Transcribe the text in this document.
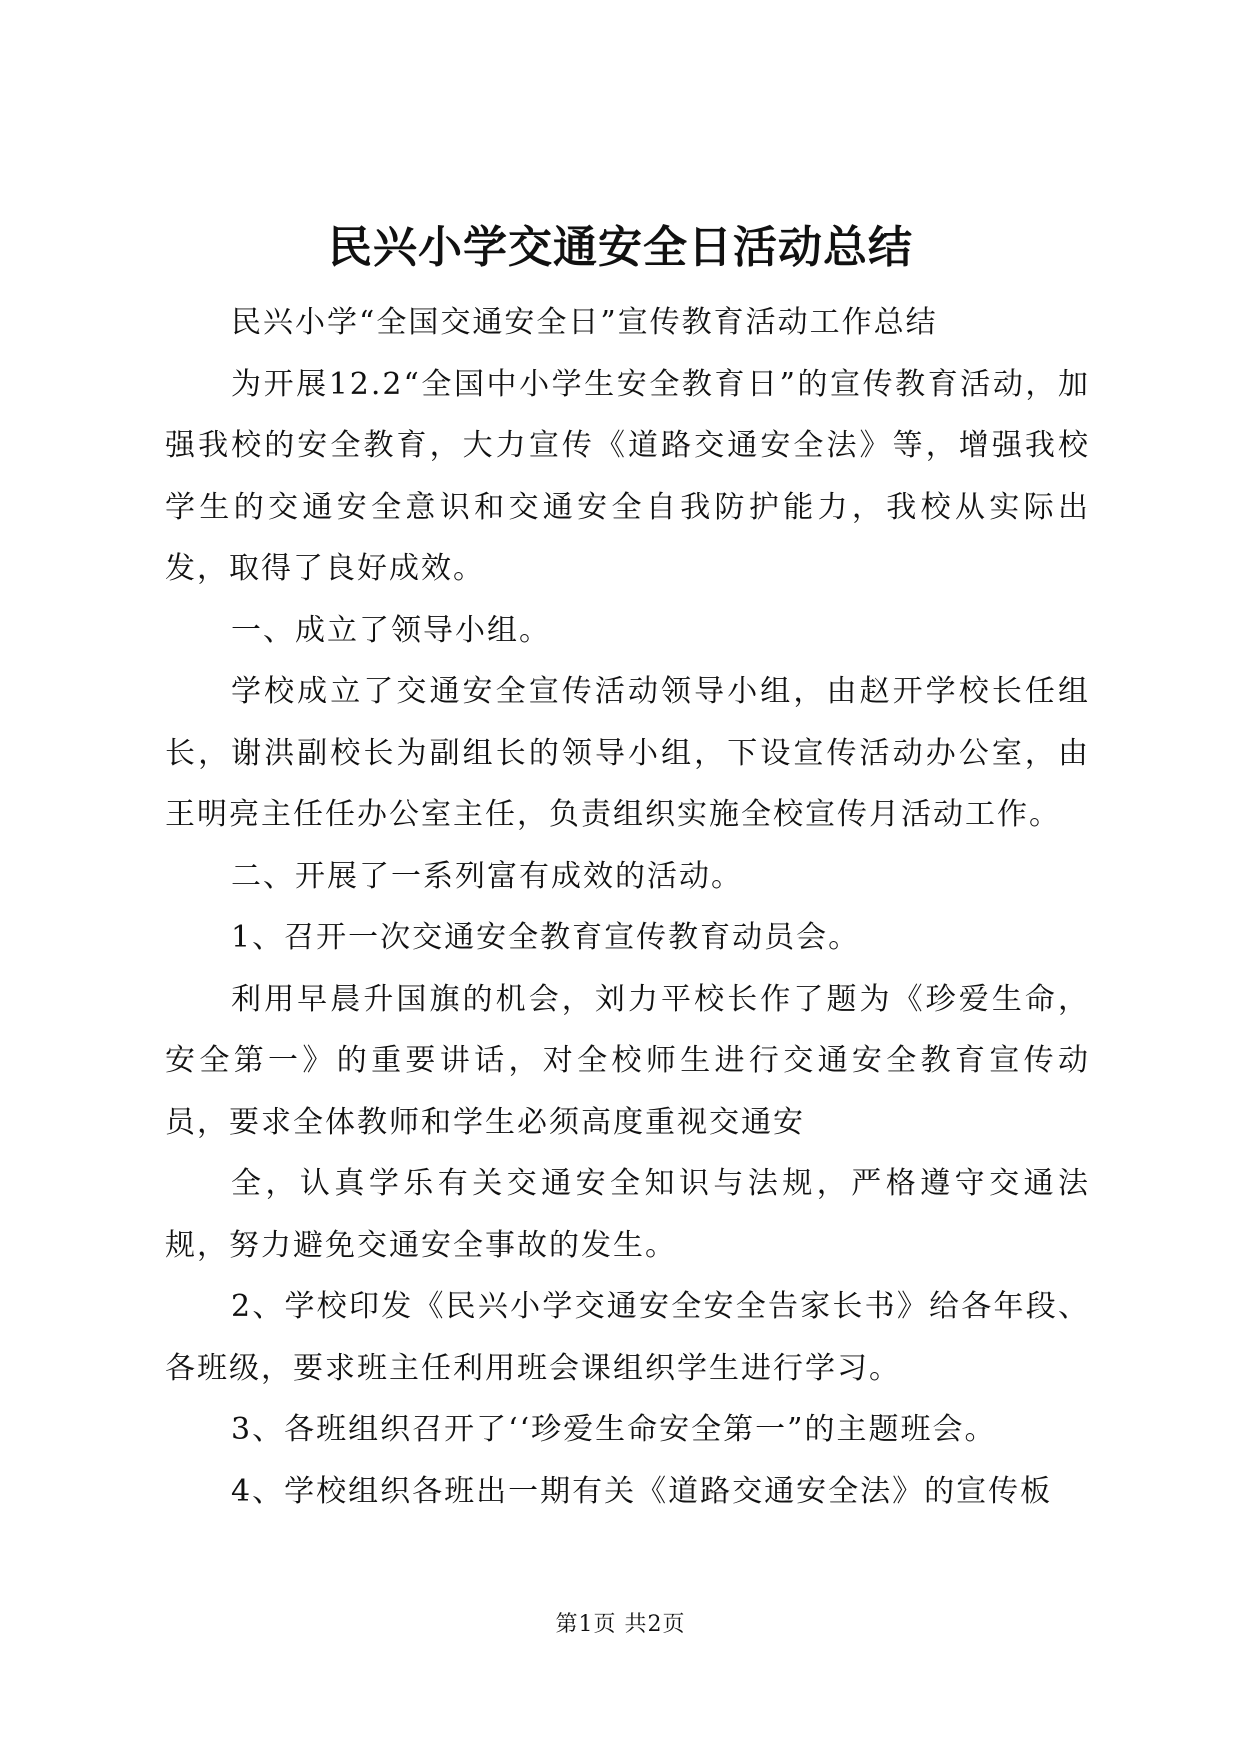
民兴小学交通安全日活动总结

民兴小学“全国交通安全日”宣传教育活动工作总结

为开展12.2“全国中小学生安全教育日”的宣传教育活动，加强我校的安全教育，大力宣传《道路交通安全法》等，增强我校学生的交通安全意识和交通安全自我防护能力，我校从实际出发，取得了良好成效。

一、成立了领导小组。

学校成立了交通安全宣传活动领导小组，由赵开学校长任组长，谢洪副校长为副组长的领导小组，下设宣传活动办公室，由王明亮主任任办公室主任，负责组织实施全校宣传月活动工作。

二、开展了一系列富有成效的活动。

1、召开一次交通安全教育宣传教育动员会。

利用早晨升国旗的机会，刘力平校长作了题为《珍爱生命，安全第一》的重要讲话，对全校师生进行交通安全教育宣传动员，要求全体教师和学生必须高度重视交通安

全，认真学乐有关交通安全知识与法规，严格遵守交通法规，努力避免交通安全事故的发生。

2、学校印发《民兴小学交通安全安全告家长书》给各年段、各班级，要求班主任利用班会课组织学生进行学习。

3、各班组织召开了‘‘珍爱生命安全第一”的主题班会。

4、学校组织各班出一期有关《道路交通安全法》的宣传板

第1页 共2页
